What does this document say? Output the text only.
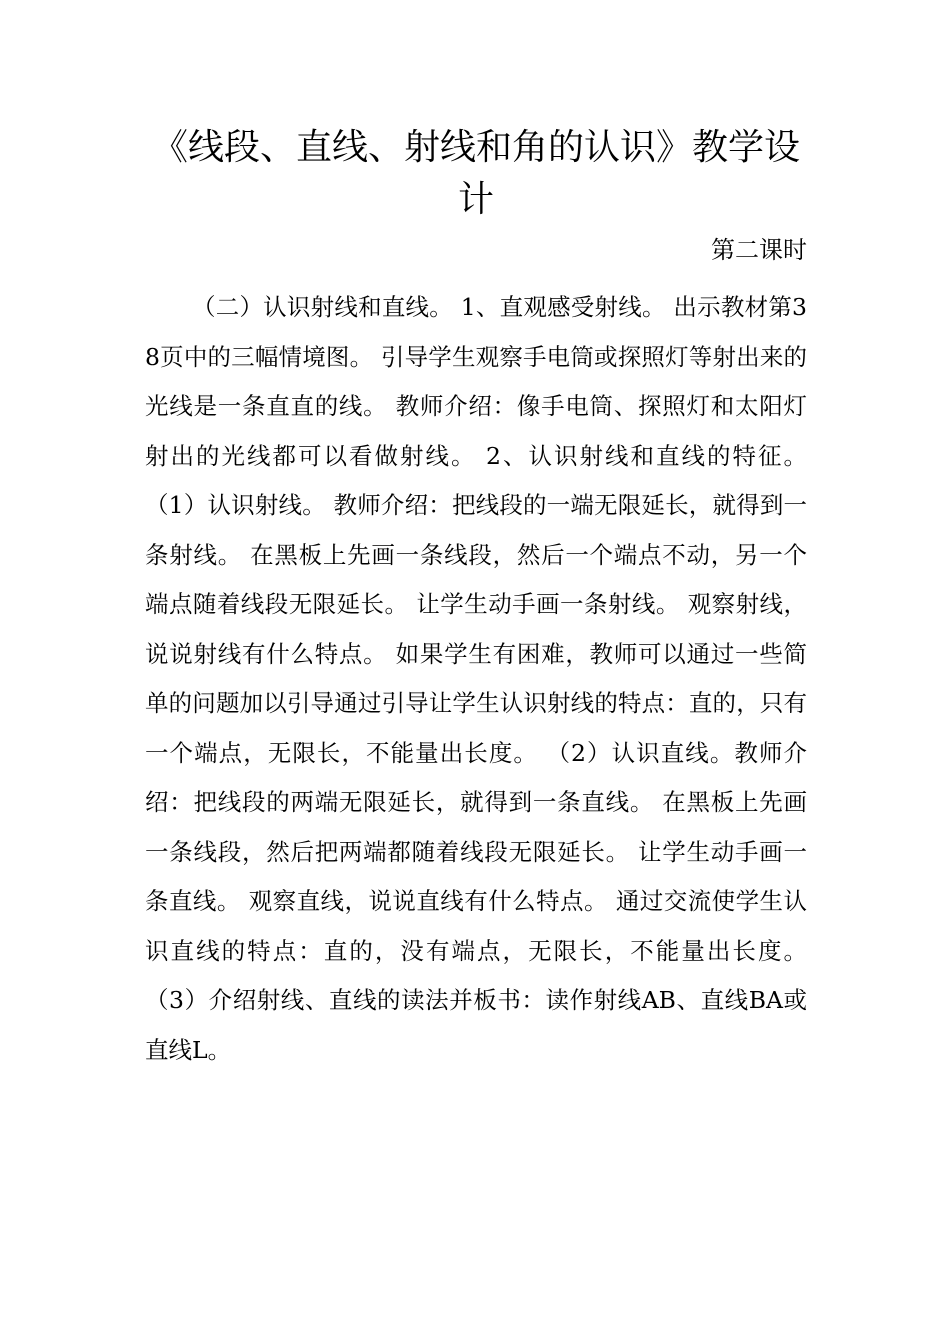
《线段、直线、射线和角的认识》教学设计
第二课时

（二）认识射线和直线。 1、直观感受射线。 出示教材第38页中的三幅情境图。 引导学生观察手电筒或探照灯等射出来的光线是一条直直的线。 教师介绍：像手电筒、探照灯和太阳灯射出的光线都可以看做射线。 2、认识射线和直线的特征。 （1）认识射线。 教师介绍：把线段的一端无限延长，就得到一条射线。 在黑板上先画一条线段，然后一个端点不动，另一个端点随着线段无限延长。 让学生动手画一条射线。 观察射线，说说射线有什么特点。 如果学生有困难，教师可以通过一些简单的问题加以引导通过引导让学生认识射线的特点：直的，只有一个端点，无限长，不能量出长度。 （2）认识直线。教师介绍：把线段的两端无限延长，就得到一条直线。 在黑板上先画一条线段，然后把两端都随着线段无限延长。 让学生动手画一条直线。 观察直线，说说直线有什么特点。 通过交流使学生认识直线的特点：直的，没有端点，无限长，不能量出长度。 （3）介绍射线、直线的读法并板书：读作射线AB、直线BA或直线L。
